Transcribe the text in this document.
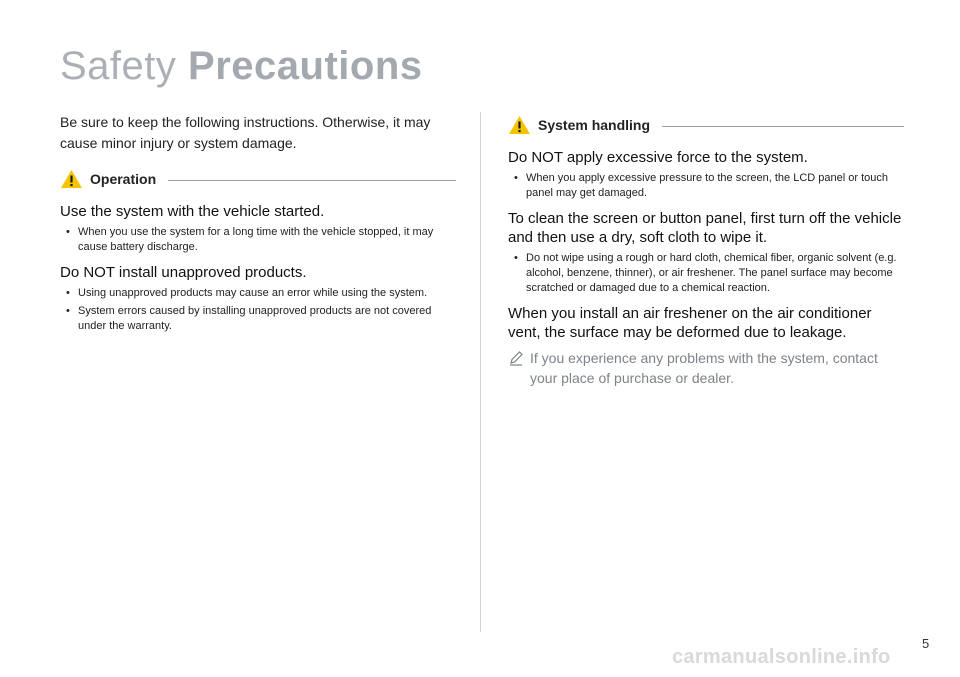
Safety Precautions

Be sure to keep the following instructions. Otherwise, it may cause minor injury or system damage.

Operation

Use the system with the vehicle started.

• When you use the system for a long time with the vehicle stopped, it may cause battery discharge.

Do NOT install unapproved products.

• Using unapproved products may cause an error while using the system.
• System errors caused by installing unapproved products are not covered under the warranty.
System handling

Do NOT apply excessive force to the system.

• When you apply excessive pressure to the screen, the LCD panel or touch panel may get damaged.

To clean the screen or button panel, first turn off the vehicle and then use a dry, soft cloth to wipe it.

• Do not wipe using a rough or hard cloth, chemical fiber, organic solvent (e.g. alcohol, benzene, thinner), or air freshener. The panel surface may become scratched or damaged due to a chemical reaction.

When you install an air freshener on the air conditioner vent, the surface may be deformed due to leakage.

If you experience any problems with the system, contact your place of purchase or dealer.
5
carmanualsonline.info
